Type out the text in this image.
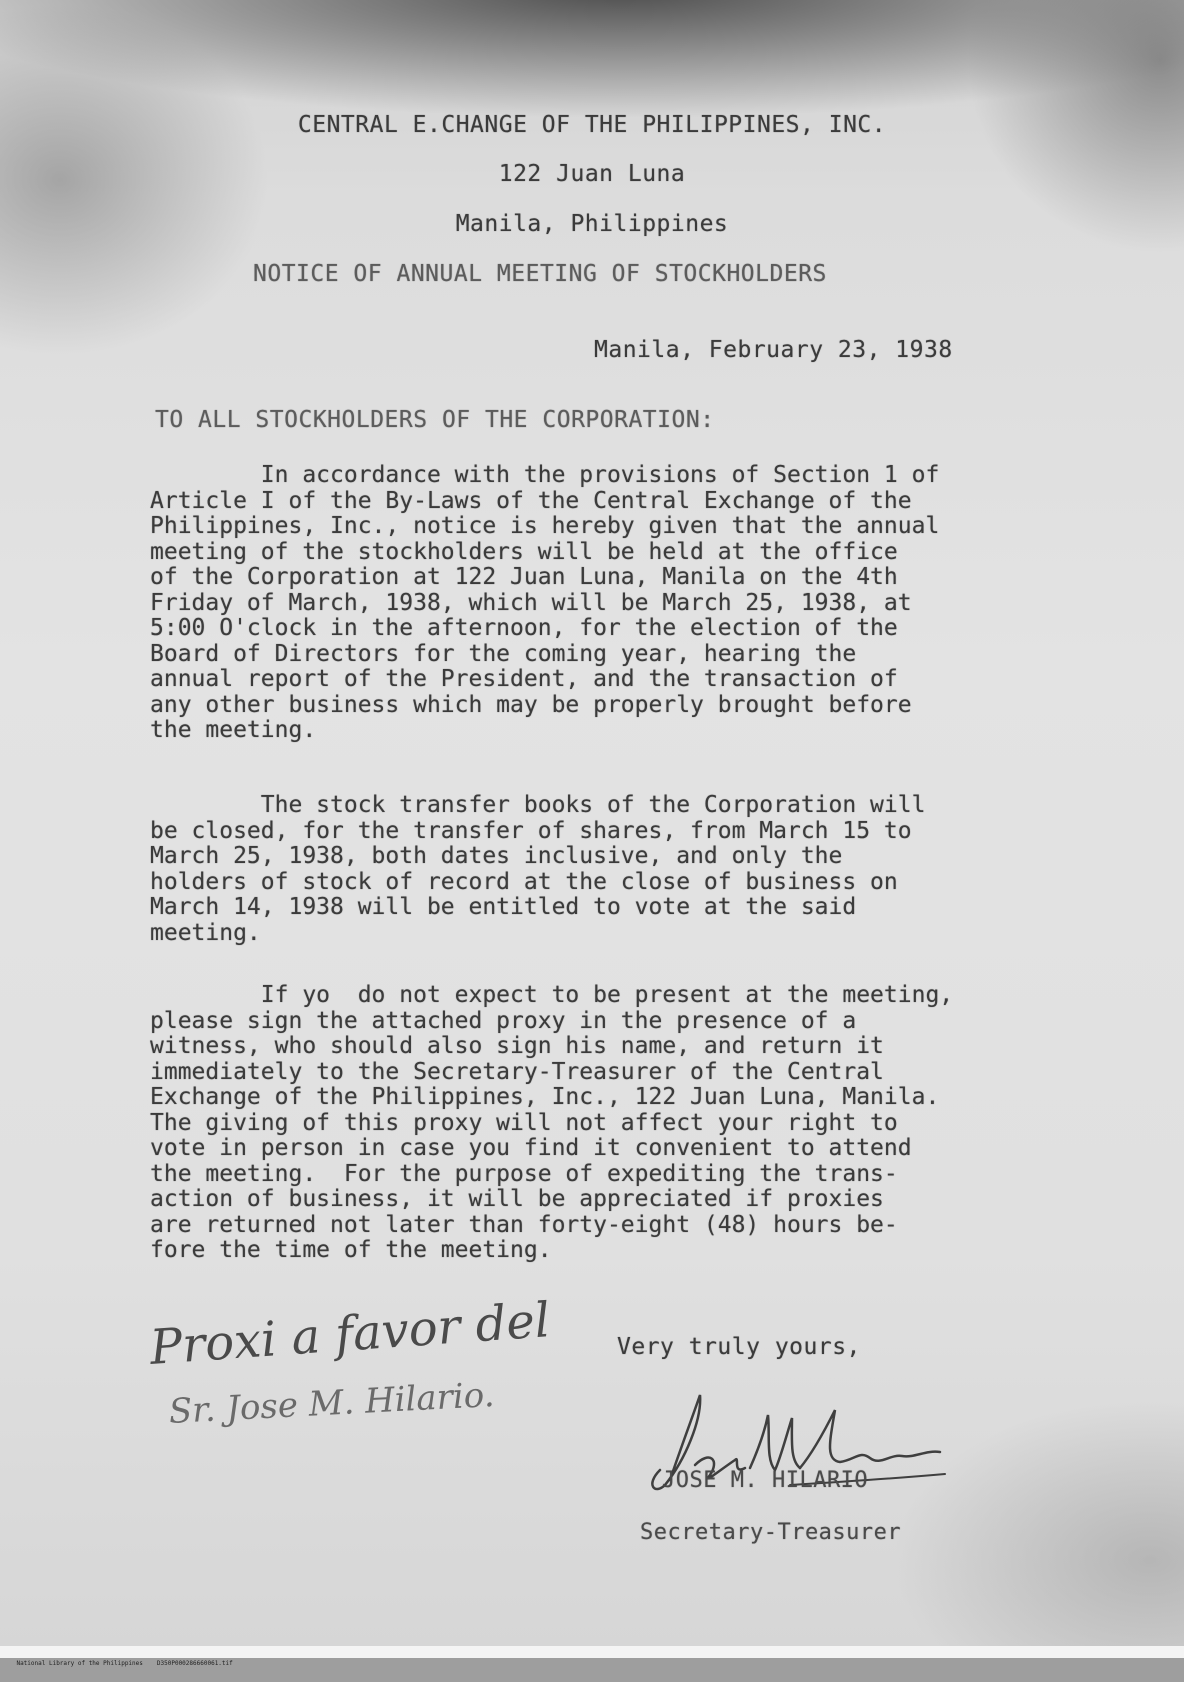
CENTRAL E.CHANGE OF THE PHILIPPINES, INC.
122 Juan Luna
Manila, Philippines
NOTICE OF ANNUAL MEETING OF STOCKHOLDERS
Manila, February 23, 1938
TO ALL STOCKHOLDERS OF THE CORPORATION:
In accordance with the provisions of Section 1 of
Article I of the By-Laws of the Central Exchange of the
Philippines, Inc., notice is hereby given that the annual
meeting of the stockholders will be held at the office
of the Corporation at 122 Juan Luna, Manila on the 4th
Friday of March, 1938, which will be March 25, 1938, at
5:00 O'clock in the afternoon, for the election of the
Board of Directors for the coming year, hearing the
annual report of the President, and the transaction of
any other business which may be properly brought before
the meeting.
The stock transfer books of the Corporation will
be closed, for the transfer of shares, from March 15 to
March 25, 1938, both dates inclusive, and only the
holders of stock of record at the close of business on
March 14, 1938 will be entitled to vote at the said
meeting.
If yo  do not expect to be present at the meeting,
please sign the attached proxy in the presence of a
witness, who should also sign his name, and return it
immediately to the Secretary-Treasurer of the Central
Exchange of the Philippines, Inc., 122 Juan Luna, Manila.
The giving of this proxy will not affect your right to
vote in person in case you find it convenient to attend
the meeting.  For the purpose of expediting the trans-
action of business, it will be appreciated if proxies
are returned not later than forty-eight (48) hours be-
fore the time of the meeting.
Proxi a favor del
Sr. Jose M. Hilario.
Very truly yours,
JOSE M. HILARIO
Secretary-Treasurer

National Library of the Philippines D350P000286660061.tif
